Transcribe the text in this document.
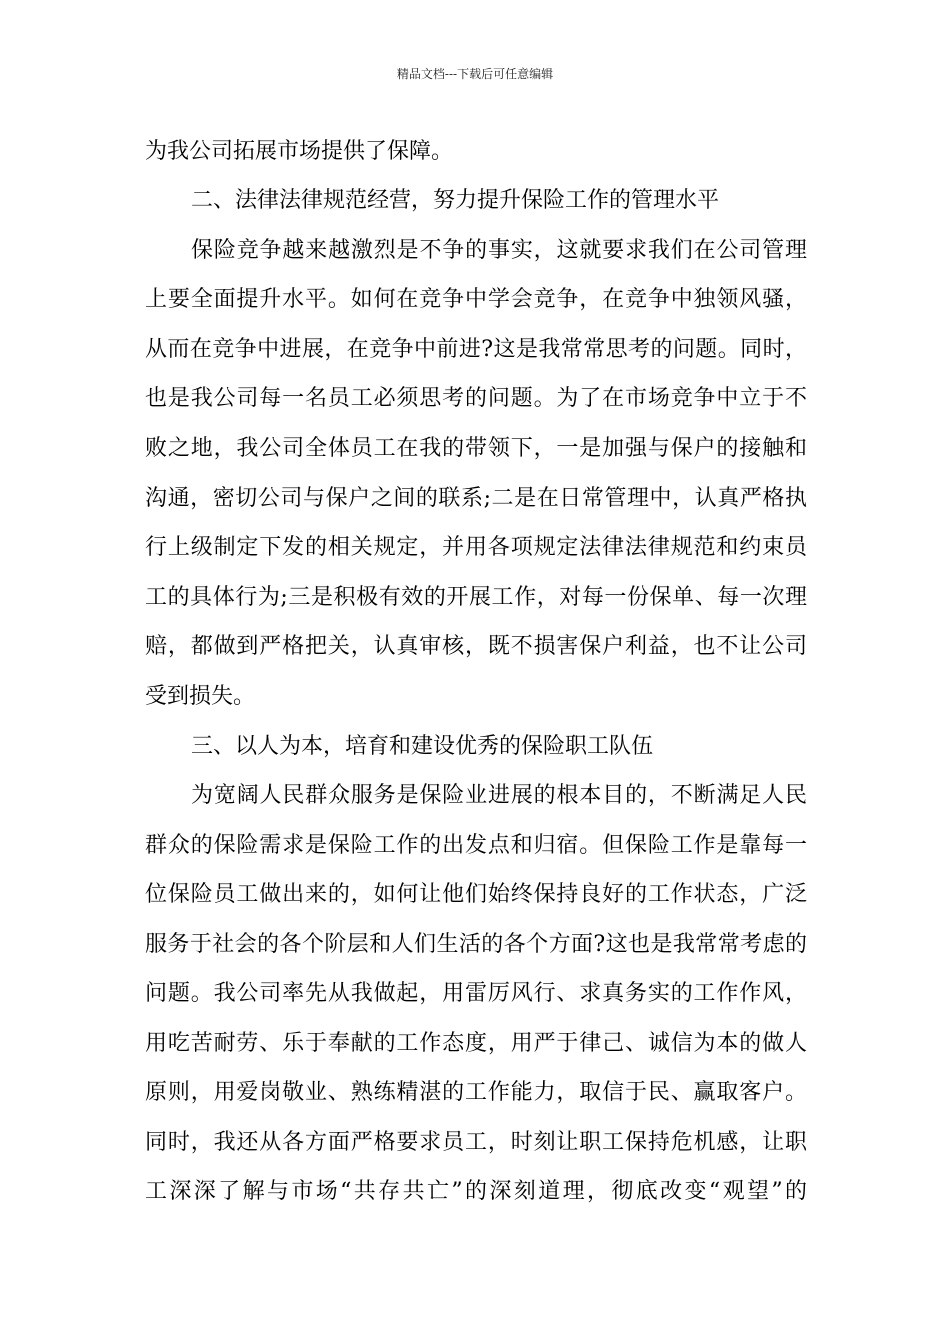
精品文档---下载后可任意编辑
为我公司拓展市场提供了保障。
二、法律法律规范经营，努力提升保险工作的管理水平
保险竞争越来越激烈是不争的事实，这就要求我们在公司管理
上要全面提升水平。如何在竞争中学会竞争，在竞争中独领风骚，
从而在竞争中进展，在竞争中前进?这是我常常思考的问题。同时，
也是我公司每一名员工必须思考的问题。为了在市场竞争中立于不
败之地，我公司全体员工在我的带领下，一是加强与保户的接触和
沟通，密切公司与保户之间的联系;二是在日常管理中，认真严格执
行上级制定下发的相关规定，并用各项规定法律法律规范和约束员
工的具体行为;三是积极有效的开展工作，对每一份保单、每一次理
赔，都做到严格把关，认真审核，既不损害保户利益，也不让公司
受到损失。
三、以人为本，培育和建设优秀的保险职工队伍
为宽阔人民群众服务是保险业进展的根本目的，不断满足人民
群众的保险需求是保险工作的出发点和归宿。但保险工作是靠每一
位保险员工做出来的，如何让他们始终保持良好的工作状态，广泛
服务于社会的各个阶层和人们生活的各个方面?这也是我常常考虑的
问题。我公司率先从我做起，用雷厉风行、求真务实的工作作风，
用吃苦耐劳、乐于奉献的工作态度，用严于律己、诚信为本的做人
原则，用爱岗敬业、熟练精湛的工作能力，取信于民、赢取客户。
同时，我还从各方面严格要求员工，时刻让职工保持危机感，让职
工深深了解与市场“共存共亡”的深刻道理，彻底改变“观望”的
